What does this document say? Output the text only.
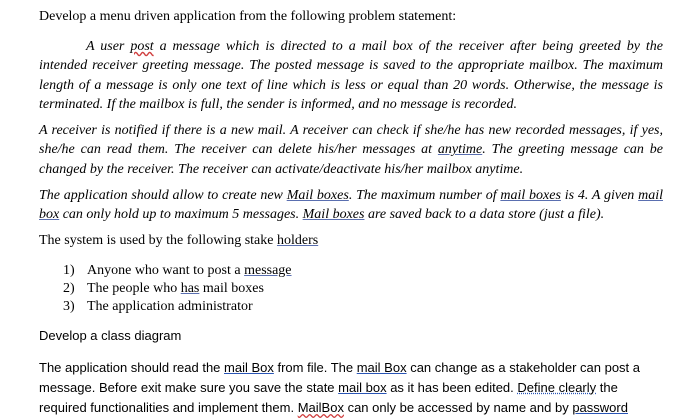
Develop a menu driven application from the following problem statement:

A user post a message which is directed to a mail box of the receiver after being greeted by the intended receiver greeting message. The posted message is saved to the appropriate mailbox. The maximum length of a message is only one text of line which is less or equal than 20 words. Otherwise, the message is terminated. If the mailbox is full, the sender is informed, and no message is recorded.

A receiver is notified if there is a new mail. A receiver can check if she/he has new recorded messages, if yes, she/he can read them. The receiver can delete his/her messages at anytime. The greeting message can be changed by the receiver. The receiver can activate/deactivate his/her mailbox anytime.

The application should allow to create new Mail boxes. The maximum number of mail boxes is 4. A given mail box can only hold up to maximum 5 messages. Mail boxes are saved back to a data store (just a file).

The system is used by the following stake holders

1) Anyone who want to post a message
2) The people who has mail boxes
3) The application administrator

Develop a class diagram

The application should read the mail Box from file. The mail Box can change as a stakeholder can post a message. Before exit make sure you save the state mail box as it has been edited. Define clearly the required functionalities and implement them. MailBox can only be accessed by name and by password
